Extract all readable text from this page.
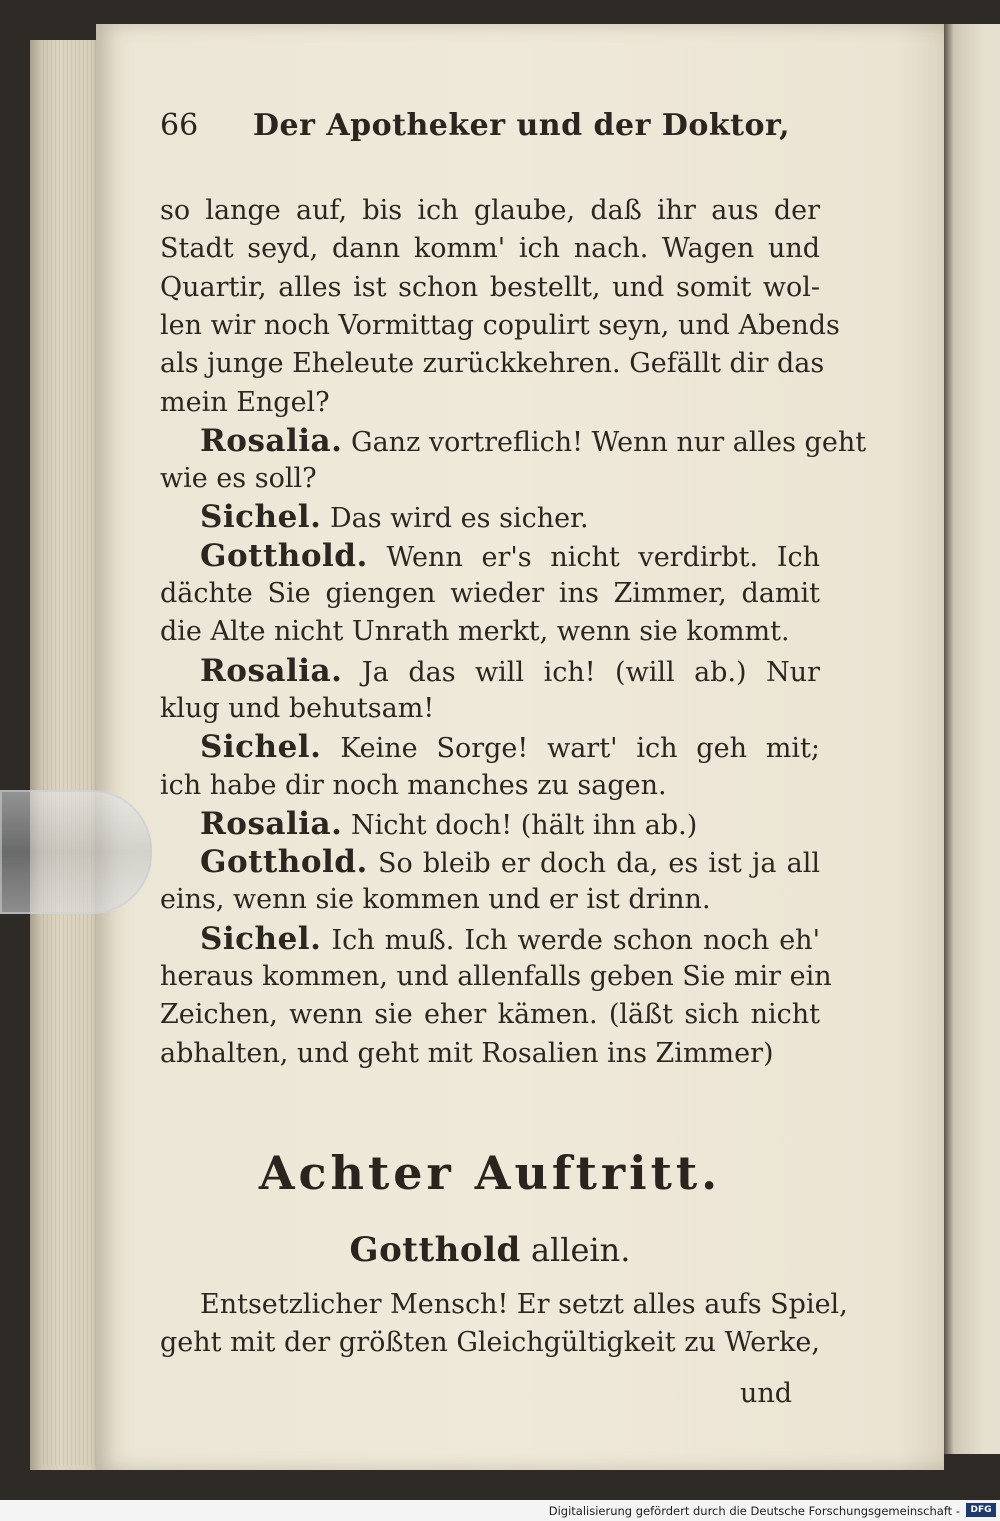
66 Der Apotheker und der Doktor,
so lange auf, bis ich glaube, daß ihr aus der
Stadt seyd, dann komm' ich nach. Wagen und
Quartir, alles ist schon bestellt, und somit wol-
len wir noch Vormittag copulirt seyn, und Abends
als junge Eheleute zurückkehren. Gefällt dir das
mein Engel?
Rosalia. Ganz vortreflich! Wenn nur alles geht
wie es soll?
Sichel. Das wird es sicher.
Gotthold. Wenn er's nicht verdirbt. Ich
dächte Sie giengen wieder ins Zimmer, damit
die Alte nicht Unrath merkt, wenn sie kommt.
Rosalia. Ja das will ich! (will ab.) Nur
klug und behutsam!
Sichel. Keine Sorge! wart' ich geh mit;
ich habe dir noch manches zu sagen.
Rosalia. Nicht doch! (hält ihn ab.)
Gotthold. So bleib er doch da, es ist ja all
eins, wenn sie kommen und er ist drinn.
Sichel. Ich muß. Ich werde schon noch eh'
heraus kommen, und allenfalls geben Sie mir ein
Zeichen, wenn sie eher kämen. (läßt sich nicht
abhalten, und geht mit Rosalien ins Zimmer)
Achter Auftritt.
Gotthold allein.
Entsetzlicher Mensch! Er setzt alles aufs Spiel,
geht mit der größten Gleichgültigkeit zu Werke,
und
Digitalisierung gefördert durch die Deutsche Forschungsgemeinschaft -	DFG
